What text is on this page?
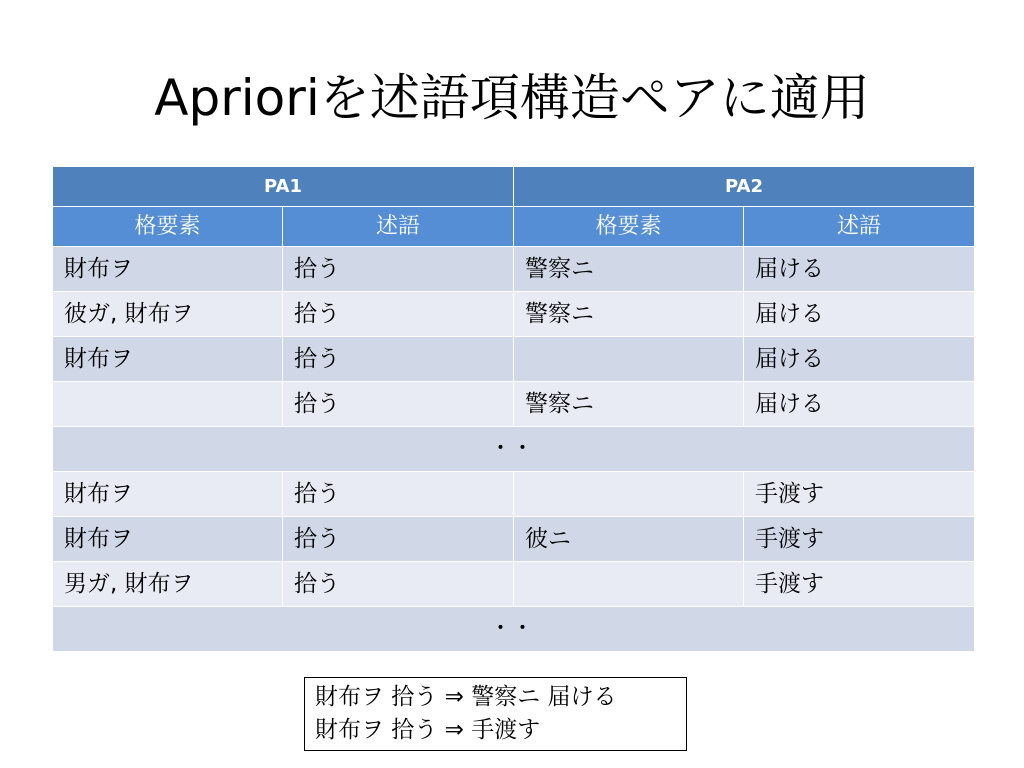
Aprioriを述語項構造ペアに適用
PA1		PA2	
格要素	述語	格要素	述語
財布ヲ	拾う	警察ニ	届ける
彼ガ, 財布ヲ	拾う	警察ニ	届ける
財布ヲ	拾う		届ける
	拾う	警察ニ	届ける
・・			
財布ヲ	拾う		手渡す
財布ヲ	拾う	彼ニ	手渡す
男ガ, 財布ヲ	拾う		手渡す
・・			
財布ヲ 拾う ⇒ 警察ニ 届ける
財布ヲ 拾う ⇒ 手渡す
